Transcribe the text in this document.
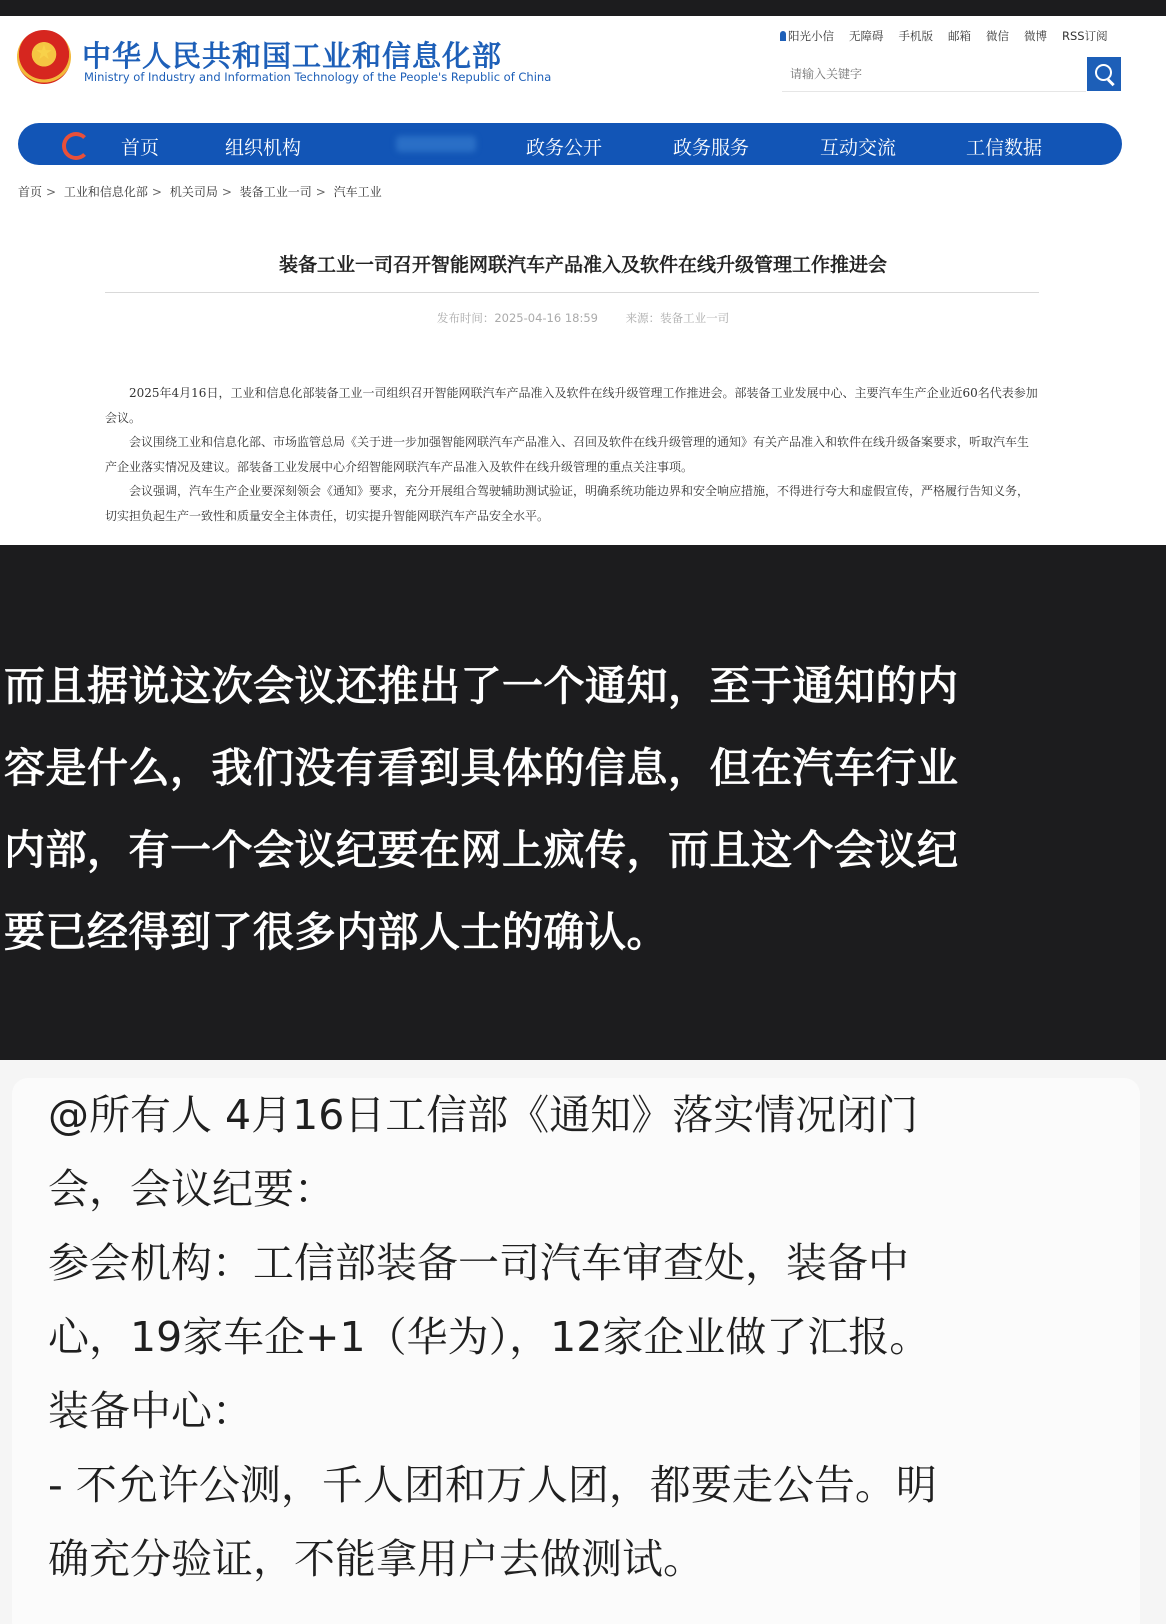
★
中华人民共和国工业和信息化部
Ministry of Industry and Information Technology of the People's Republic of China
阳光小信 无障碍 手机版 邮箱 微信 微博 RSS订阅
请输入关键字
首页	组织机构	政务公开	政务服务	互动交流	工信数据
首页 > 工业和信息化部 > 机关司局 > 装备工业一司 > 汽车工业
装备工业一司召开智能网联汽车产品准入及软件在线升级管理工作推进会
发布时间：2025-04-16 18:59 来源：装备工业一司

2025年4月16日，工业和信息化部装备工业一司组织召开智能网联汽车产品准入及软件在线升级管理工作推进会。部装备工业发展中心、主要汽车生产企业近60名代表参加会议。

会议围绕工业和信息化部、市场监管总局《关于进一步加强智能网联汽车产品准入、召回及软件在线升级管理的通知》有关产品准入和软件在线升级备案要求，听取汽车生产企业落实情况及建议。部装备工业发展中心介绍智能网联汽车产品准入及软件在线升级管理的重点关注事项。

会议强调，汽车生产企业要深刻领会《通知》要求，充分开展组合驾驶辅助测试验证，明确系统功能边界和安全响应措施，不得进行夸大和虚假宣传，严格履行告知义务，切实担负起生产一致性和质量安全主体责任，切实提升智能网联汽车产品安全水平。

而且据说这次会议还推出了一个通知，至于通知的内
容是什么，我们没有看到具体的信息，但在汽车行业
内部，有一个会议纪要在网上疯传，而且这个会议纪
要已经得到了很多内部人士的确认。
@所有人 4月16日工信部《通知》落实情况闭门
会，会议纪要：
参会机构：工信部装备一司汽车审查处，装备中
心，19家车企+1（华为），12家企业做了汇报。
装备中心：
- 不允许公测，千人团和万人团，都要走公告。明
确充分验证，不能拿用户去做测试。
